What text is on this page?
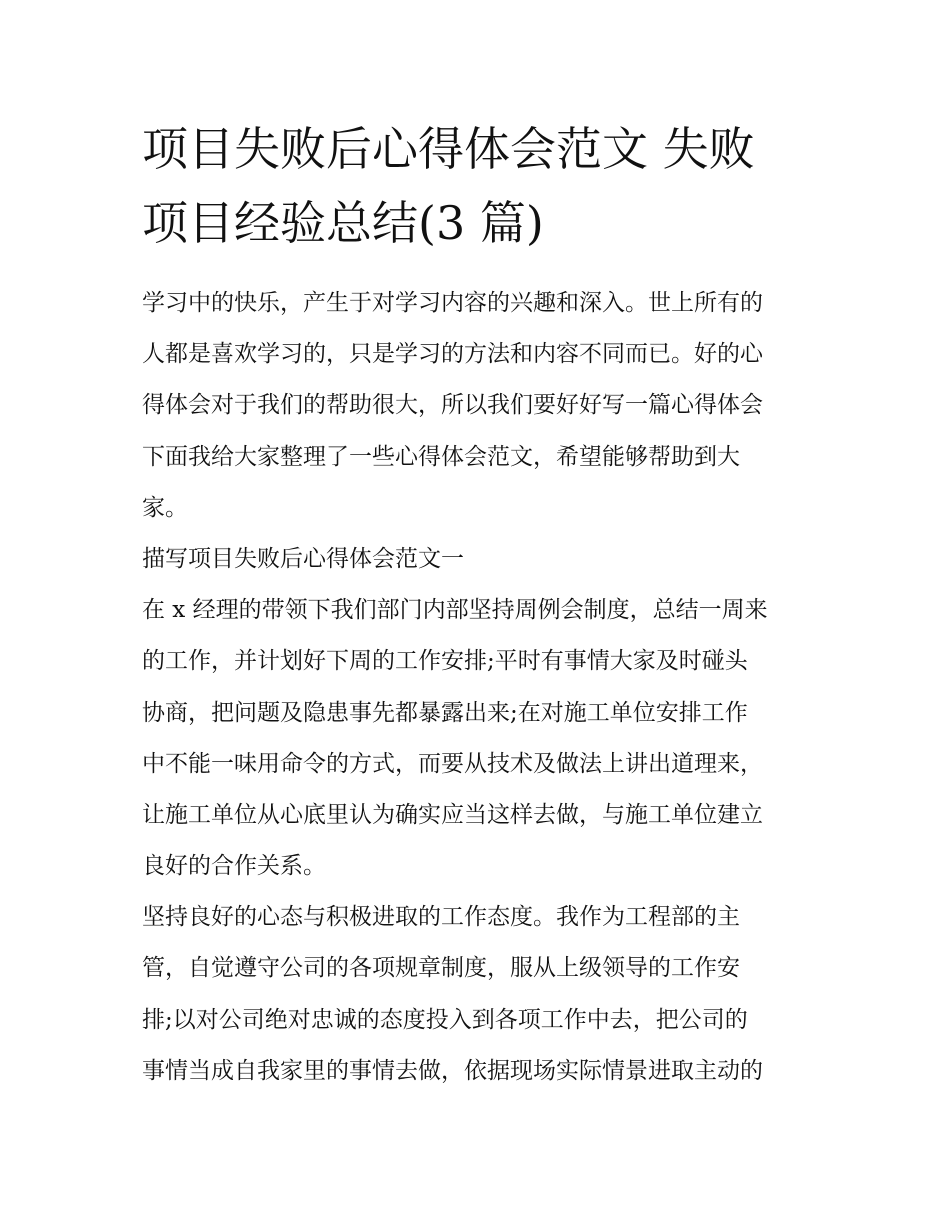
项目失败后心得体会范文 失败
项目经验总结(3 篇)
学习中的快乐，产生于对学习内容的兴趣和深入。世上所有的
人都是喜欢学习的，只是学习的方法和内容不同而已。好的心
得体会对于我们的帮助很大，所以我们要好好写一篇心得体会
下面我给大家整理了一些心得体会范文，希望能够帮助到大
家。
描写项目失败后心得体会范文一
在 x 经理的带领下我们部门内部坚持周例会制度，总结一周来
的工作，并计划好下周的工作安排;平时有事情大家及时碰头
协商，把问题及隐患事先都暴露出来;在对施工单位安排工作
中不能一味用命令的方式，而要从技术及做法上讲出道理来，
让施工单位从心底里认为确实应当这样去做，与施工单位建立
良好的合作关系。
坚持良好的心态与积极进取的工作态度。我作为工程部的主
管，自觉遵守公司的各项规章制度，服从上级领导的工作安
排;以对公司绝对忠诚的态度投入到各项工作中去，把公司的
事情当成自我家里的事情去做，依据现场实际情景进取主动的
